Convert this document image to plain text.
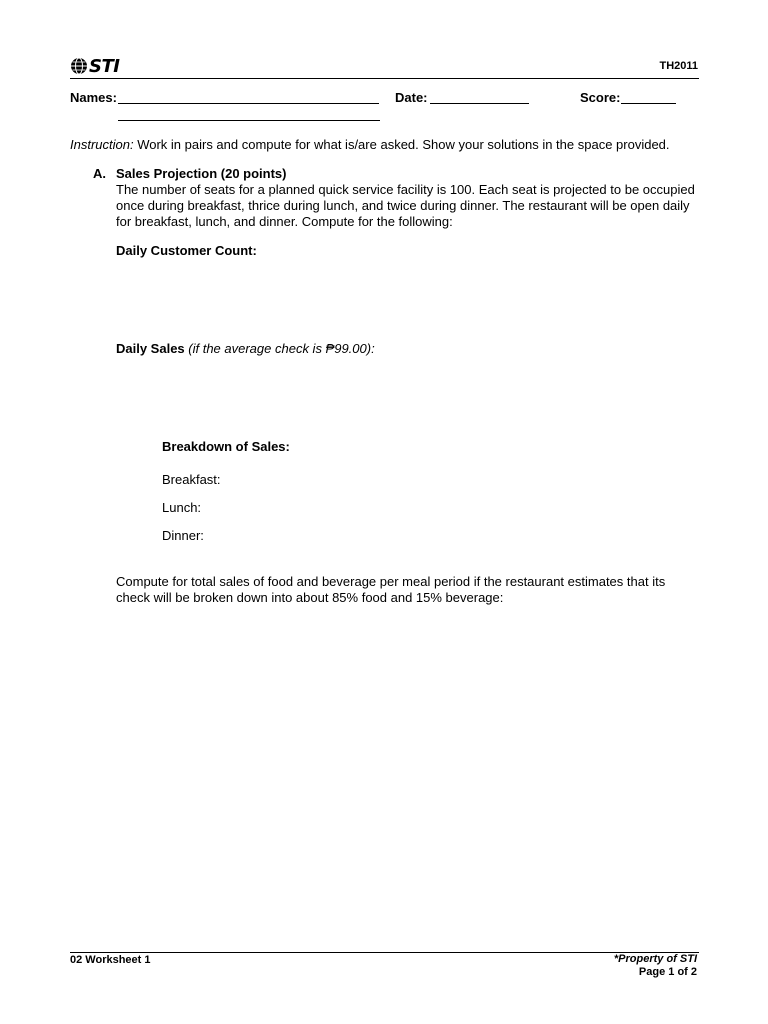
STI	TH2011
Names:	Date:	Score:
Instruction: Work in pairs and compute for what is/are asked. Show your solutions in the space provided.
A. Sales Projection (20 points)
The number of seats for a planned quick service facility is 100. Each seat is projected to be occupied once during breakfast, thrice during lunch, and twice during dinner. The restaurant will be open daily for breakfast, lunch, and dinner. Compute for the following:
Daily Customer Count:
Daily Sales (if the average check is ₱99.00):
Breakdown of Sales:
Breakfast:
Lunch:
Dinner:
Compute for total sales of food and beverage per meal period if the restaurant estimates that its check will be broken down into about 85% food and 15% beverage:
02 Worksheet 1	*Property of STI
Page 1 of 2
